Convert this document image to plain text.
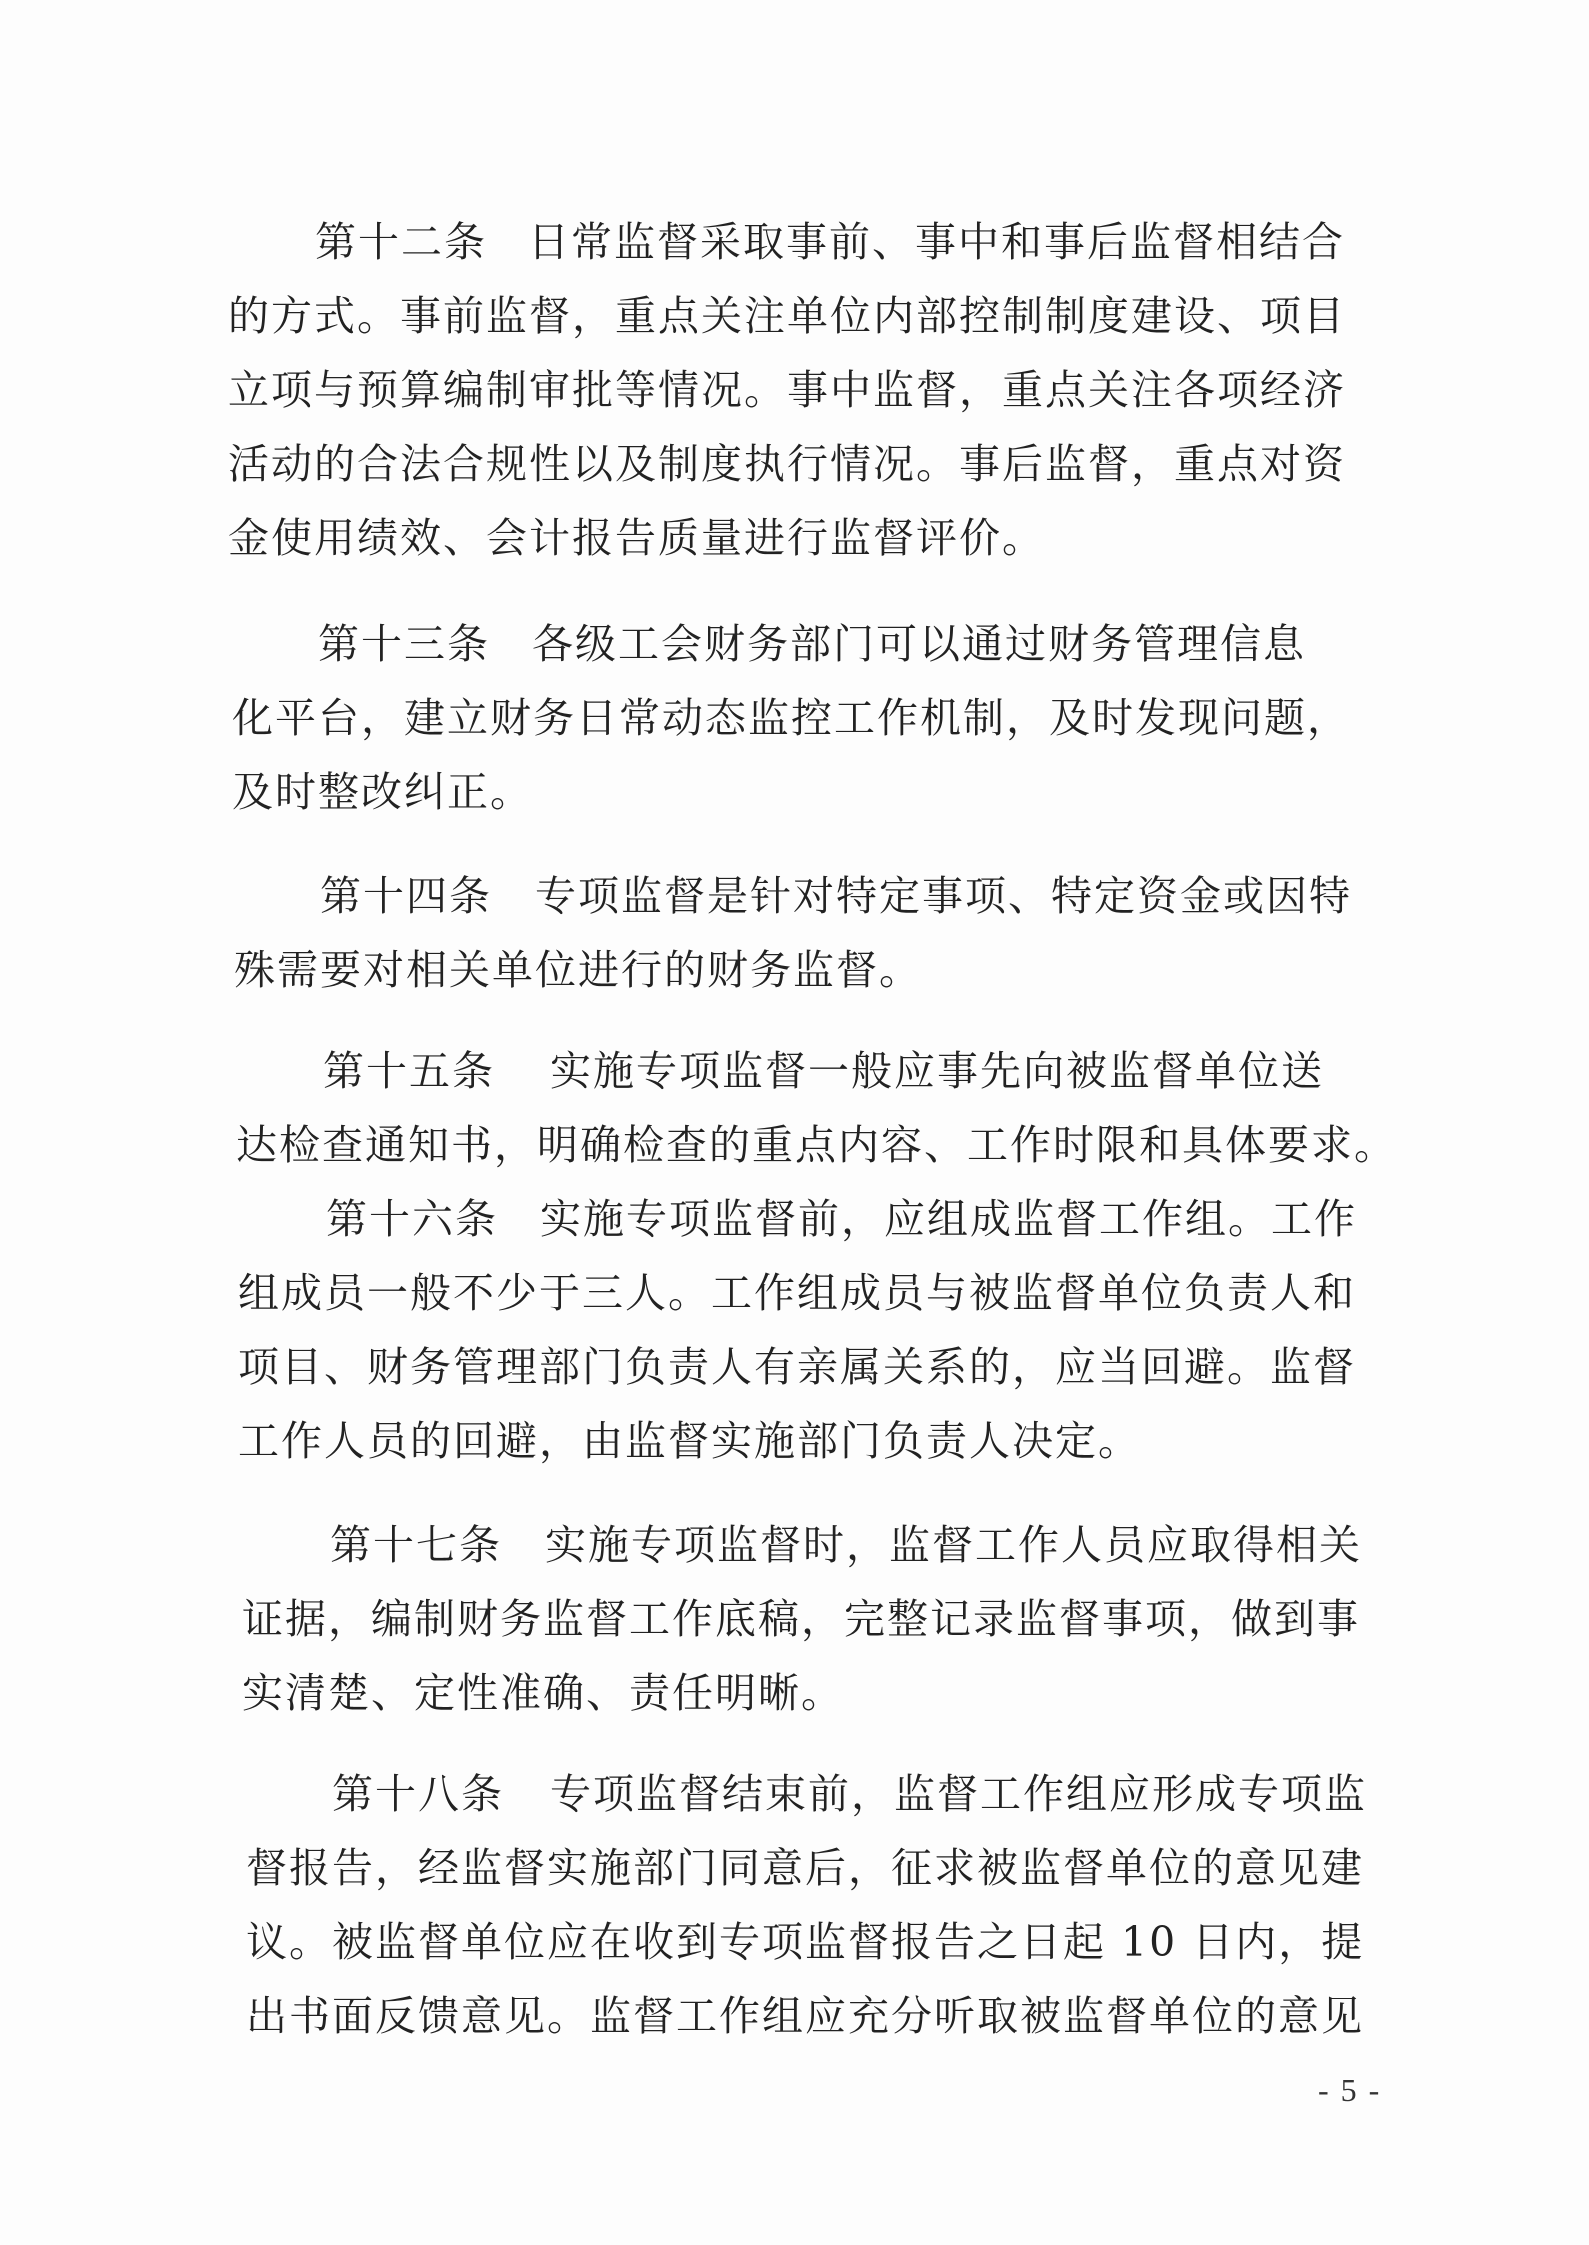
第十二条 日常监督采取事前、事中和事后监督相结合
的方式。事前监督，重点关注单位内部控制制度建设、项目
立项与预算编制审批等情况。事中监督，重点关注各项经济
活动的合法合规性以及制度执行情况。事后监督，重点对资
金使用绩效、会计报告质量进行监督评价。
第十三条 各级工会财务部门可以通过财务管理信息
化平台，建立财务日常动态监控工作机制，及时发现问题，
及时整改纠正。
第十四条 专项监督是针对特定事项、特定资金或因特
殊需要对相关单位进行的财务监督。
第十五条 实施专项监督一般应事先向被监督单位送
达检查通知书，明确检查的重点内容、工作时限和具体要求。
第十六条 实施专项监督前，应组成监督工作组。工作
组成员一般不少于三人。工作组成员与被监督单位负责人和
项目、财务管理部门负责人有亲属关系的，应当回避。监督
工作人员的回避，由监督实施部门负责人决定。
第十七条 实施专项监督时，监督工作人员应取得相关
证据，编制财务监督工作底稿，完整记录监督事项，做到事
实清楚、定性准确、责任明晰。
第十八条 专项监督结束前，监督工作组应形成专项监
督报告，经监督实施部门同意后，征求被监督单位的意见建
议。被监督单位应在收到专项监督报告之日起 10 日内，提
出书面反馈意见。监督工作组应充分听取被监督单位的意见
- 5 -
